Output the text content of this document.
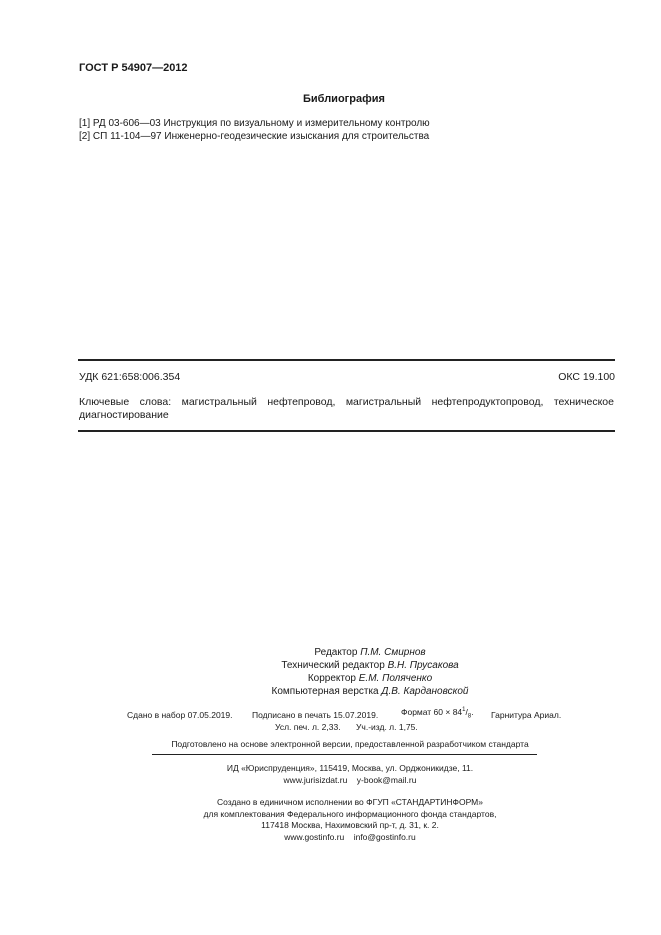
ГОСТ Р 54907—2012
Библиография
[1] РД 03-606—03 Инструкция по визуальному и измерительному контролю
[2] СП 11-104—97 Инженерно-геодезические изыскания для строительства
УДК 621:658:006.354	ОКС 19.100
Ключевые слова: магистральный нефтепровод, магистральный нефтепродуктопровод, техническое диагностирование
Редактор П.М. Смирнов
Технический редактор В.Н. Прусакова
Корректор Е.М. Поляченко
Компьютерная верстка Д.В. Кардановской
Сдано в набор 07.05.2019. Подписано в печать 15.07.2019.	Формат $60 \times 84^1/_8$. Гарнитура Ариал.
Усл. печ. л. 2,33. Уч.-изд. л. 1,75.
Подготовлено на основе электронной версии, предоставленной разработчиком стандарта
ИД «Юриспруденция», 115419, Москва, ул. Орджоникидзе, 11.
www.jurisizdat.ru y-book@mail.ru
Создано в единичном исполнении во ФГУП «СТАНДАРТИНФОРМ»
для комплектования Федерального информационного фонда стандартов,
117418 Москва, Нахимовский пр-т, д. 31, к. 2.
www.gostinfo.ru info@gostinfo.ru
